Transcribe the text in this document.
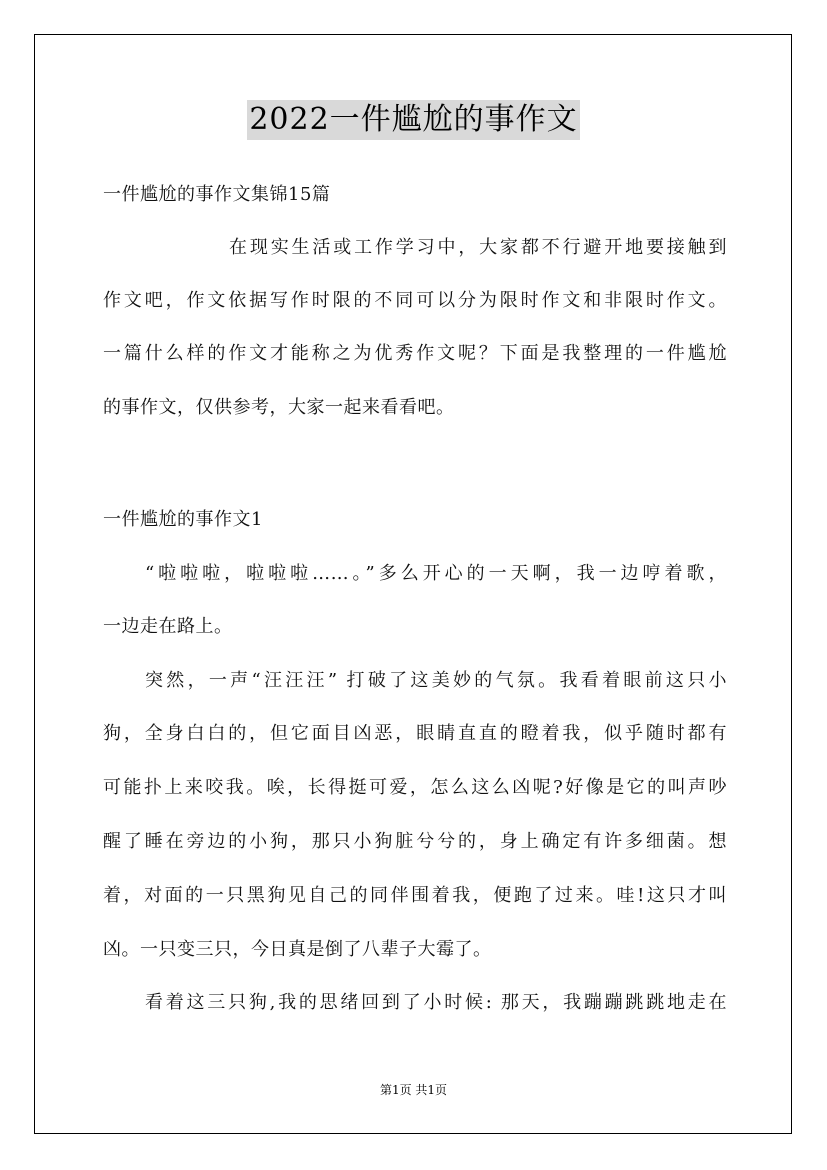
2022一件尴尬的事作文
一件尴尬的事作文集锦15篇
在现实生活或工作学习中，大家都不行避开地要接触到
作文吧，作文依据写作时限的不同可以分为限时作文和非限时作文。
一篇什么样的作文才能称之为优秀作文呢？下面是我整理的一件尴尬
的事作文，仅供参考，大家一起来看看吧。
一件尴尬的事作文1
“啦啦啦，啦啦啦……。”多么开心的一天啊，我一边哼着歌，
一边走在路上。
突然，一声“汪汪汪” 打破了这美妙的气氛。我看着眼前这只小
狗，全身白白的，但它面目凶恶，眼睛直直的瞪着我，似乎随时都有
可能扑上来咬我。唉，长得挺可爱，怎么这么凶呢?好像是它的叫声吵
醒了睡在旁边的小狗，那只小狗脏兮兮的，身上确定有许多细菌。想
着，对面的一只黑狗见自己的同伴围着我，便跑了过来。哇!这只才叫
凶。一只变三只，今日真是倒了八辈子大霉了。
看着这三只狗,我的思绪回到了小时候: 那天，我蹦蹦跳跳地走在
第1页 共1页
